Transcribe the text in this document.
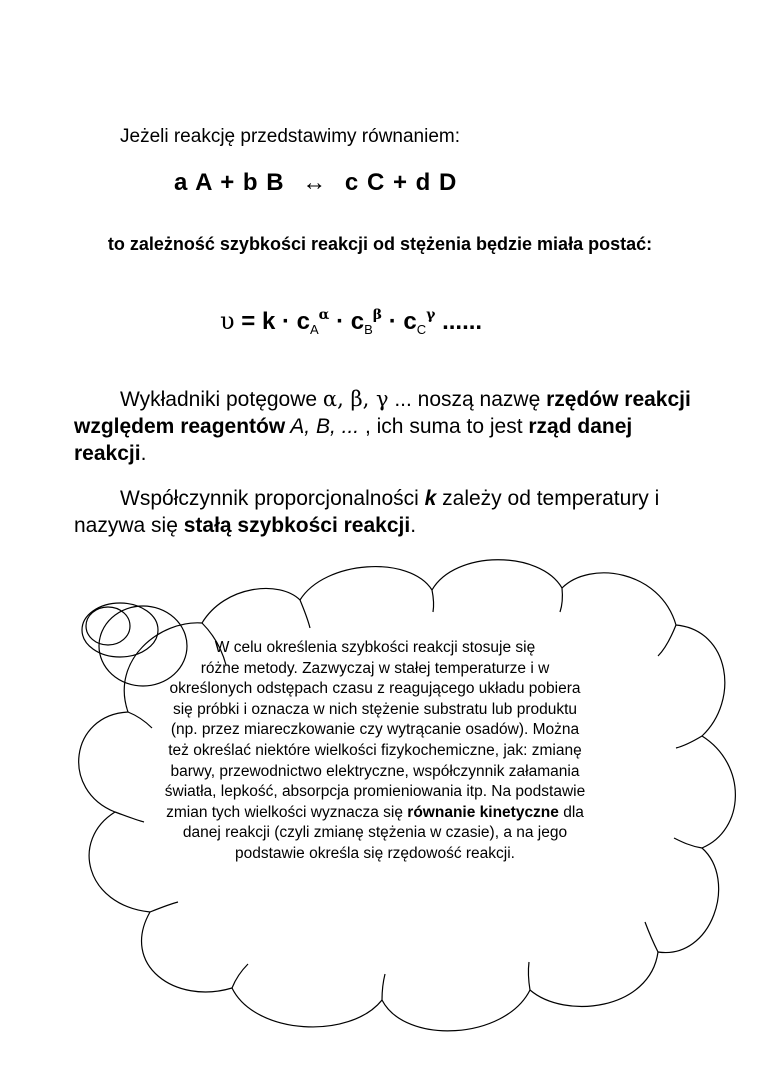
Jeżeli reakcję przedstawimy równaniem:
a A + b B ↔ c C + d D
to zależność szybkości reakcji od stężenia będzie miała postać:
$\upsilon = k \cdot c_A^\alpha \cdot c_B^\beta \cdot c_C^\gamma$ ......
Wykładniki potęgowe α, β, γ ... noszą nazwę rzędów reakcji względem reagentów A, B, ... , ich suma to jest rząd danej reakcji.
Współczynnik proporcjonalności k zależy od temperatury i nazywa się stałą szybkości reakcji.

W celu określenia szybkości reakcji stosuje się

różne metody. Zazwyczaj w stałej temperaturze i w określonych odstępach czasu z reagującego układu pobiera się próbki i oznacza w nich stężenie substratu lub produktu (np. przez miareczkowanie czy wytrącanie osadów). Można też określać niektóre wielkości fizykochemiczne, jak: zmianę barwy, przewodnictwo elektryczne, współczynnik załamania światła, lepkość, absorpcja promieniowania itp. Na podstawie zmian tych wielkości wyznacza się równanie kinetyczne dla danej reakcji (czyli zmianę stężenia w czasie), a na jego podstawie określa się rzędowość reakcji.
